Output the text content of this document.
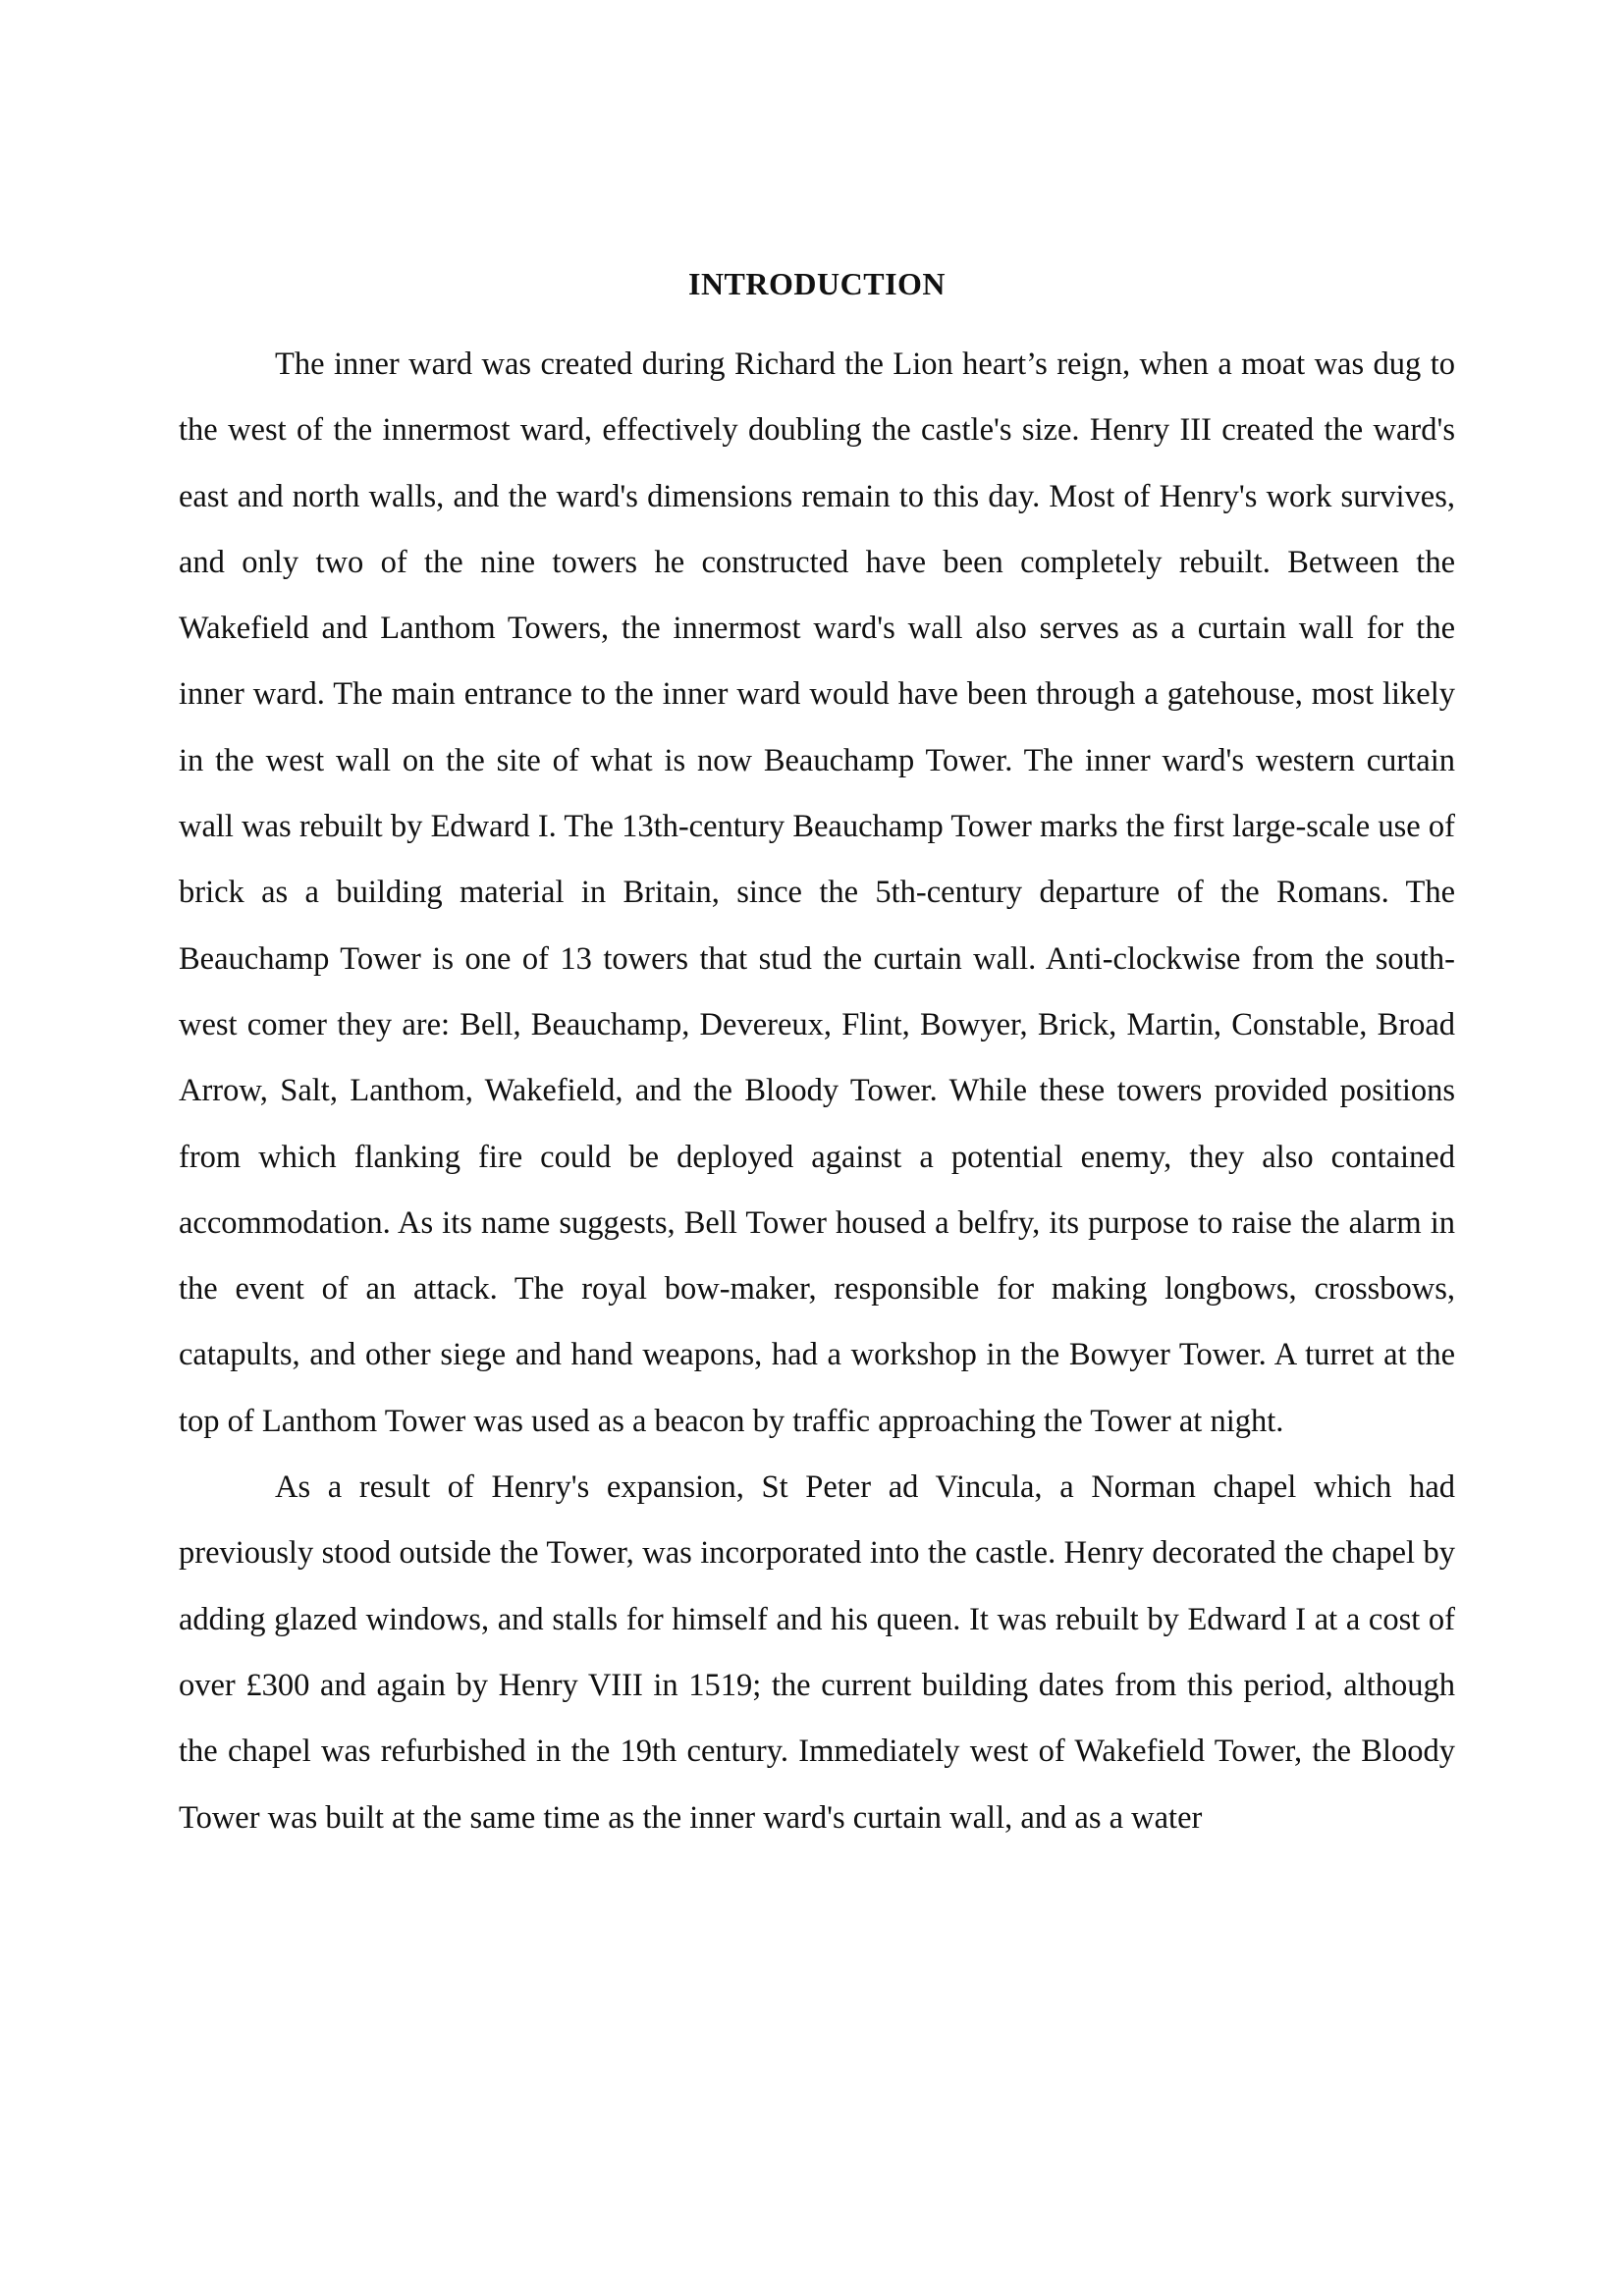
INTRODUCTION

The inner ward was created during Richard the Lion heart’s reign, when a moat was dug to the west of the innermost ward, effectively doubling the castle's size. Henry III created the ward's east and north walls, and the ward's dimensions remain to this day. Most of Henry's work survives, and only two of the nine towers he constructed have been completely rebuilt. Between the Wakefield and Lanthom Towers, the innermost ward's wall also serves as a curtain wall for the inner ward. The main entrance to the inner ward would have been through a gatehouse, most likely in the west wall on the site of what is now Beauchamp Tower. The inner ward's western curtain wall was rebuilt by Edward I. The 13th-century Beauchamp Tower marks the first large-scale use of brick as a building material in Britain, since the 5th-century departure of the Romans. The Beauchamp Tower is one of 13 towers that stud the curtain wall. Anti-clockwise from the south-west comer they are: Bell, Beauchamp, Devereux, Flint, Bowyer, Brick, Martin, Constable, Broad Arrow, Salt, Lanthom, Wakefield, and the Bloody Tower. While these towers provided positions from which flanking fire could be deployed against a potential enemy, they also contained accommodation. As its name suggests, Bell Tower housed a belfry, its purpose to raise the alarm in the event of an attack. The royal bow-maker, responsible for making longbows, crossbows, catapults, and other siege and hand weapons, had a workshop in the Bowyer Tower. A turret at the top of Lanthom Tower was used as a beacon by traffic approaching the Tower at night.

As a result of Henry's expansion, St Peter ad Vincula, a Norman chapel which had previously stood outside the Tower, was incorporated into the castle. Henry decorated the chapel by adding glazed windows, and stalls for himself and his queen. It was rebuilt by Edward I at a cost of over £300 and again by Henry VIII in 1519; the current building dates from this period, although the chapel was refurbished in the 19th century. Immediately west of Wakefield Tower, the Bloody Tower was built at the same time as the inner ward's curtain wall, and as a water
